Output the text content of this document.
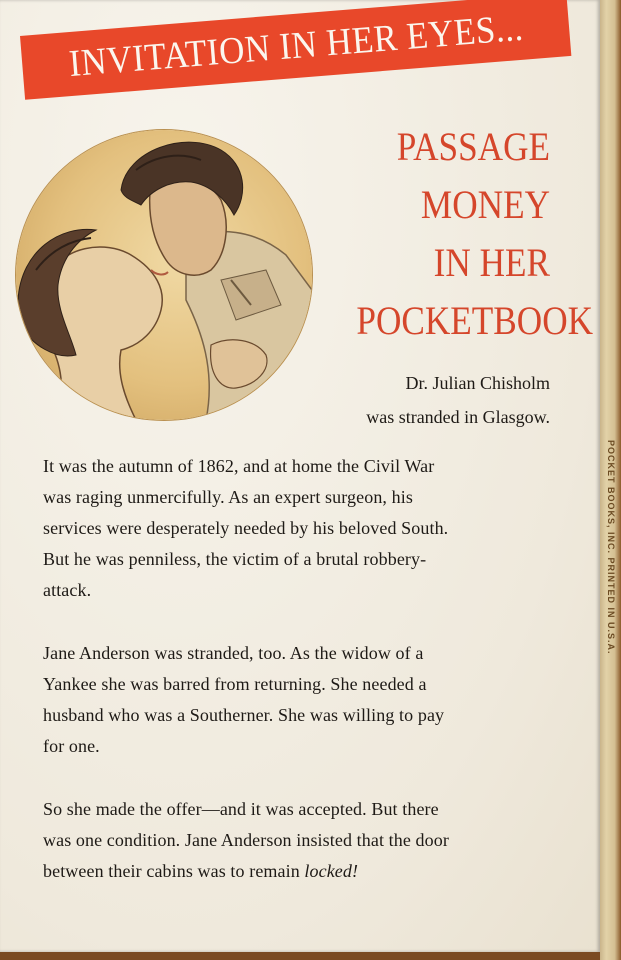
INVITATION IN HER EYES...
PASSAGE
MONEY
IN HER
POCKETBOOK
Dr. Julian Chisholm
was stranded in Glasgow.
It was the autumn of 1862, and at home the Civil War
was raging unmercifully. As an expert surgeon, his
services were desperately needed by his beloved South.
But he was penniless, the victim of a brutal robbery-
attack.
Jane Anderson was stranded, too. As the widow of a
Yankee she was barred from returning. She needed a
husband who was a Southerner. She was willing to pay
for one.
So she made the offer—and it was accepted. But there
was one condition. Jane Anderson insisted that the door
between their cabins was to remain locked!
POCKET BOOKS, INC. PRINTED IN U.S.A.
